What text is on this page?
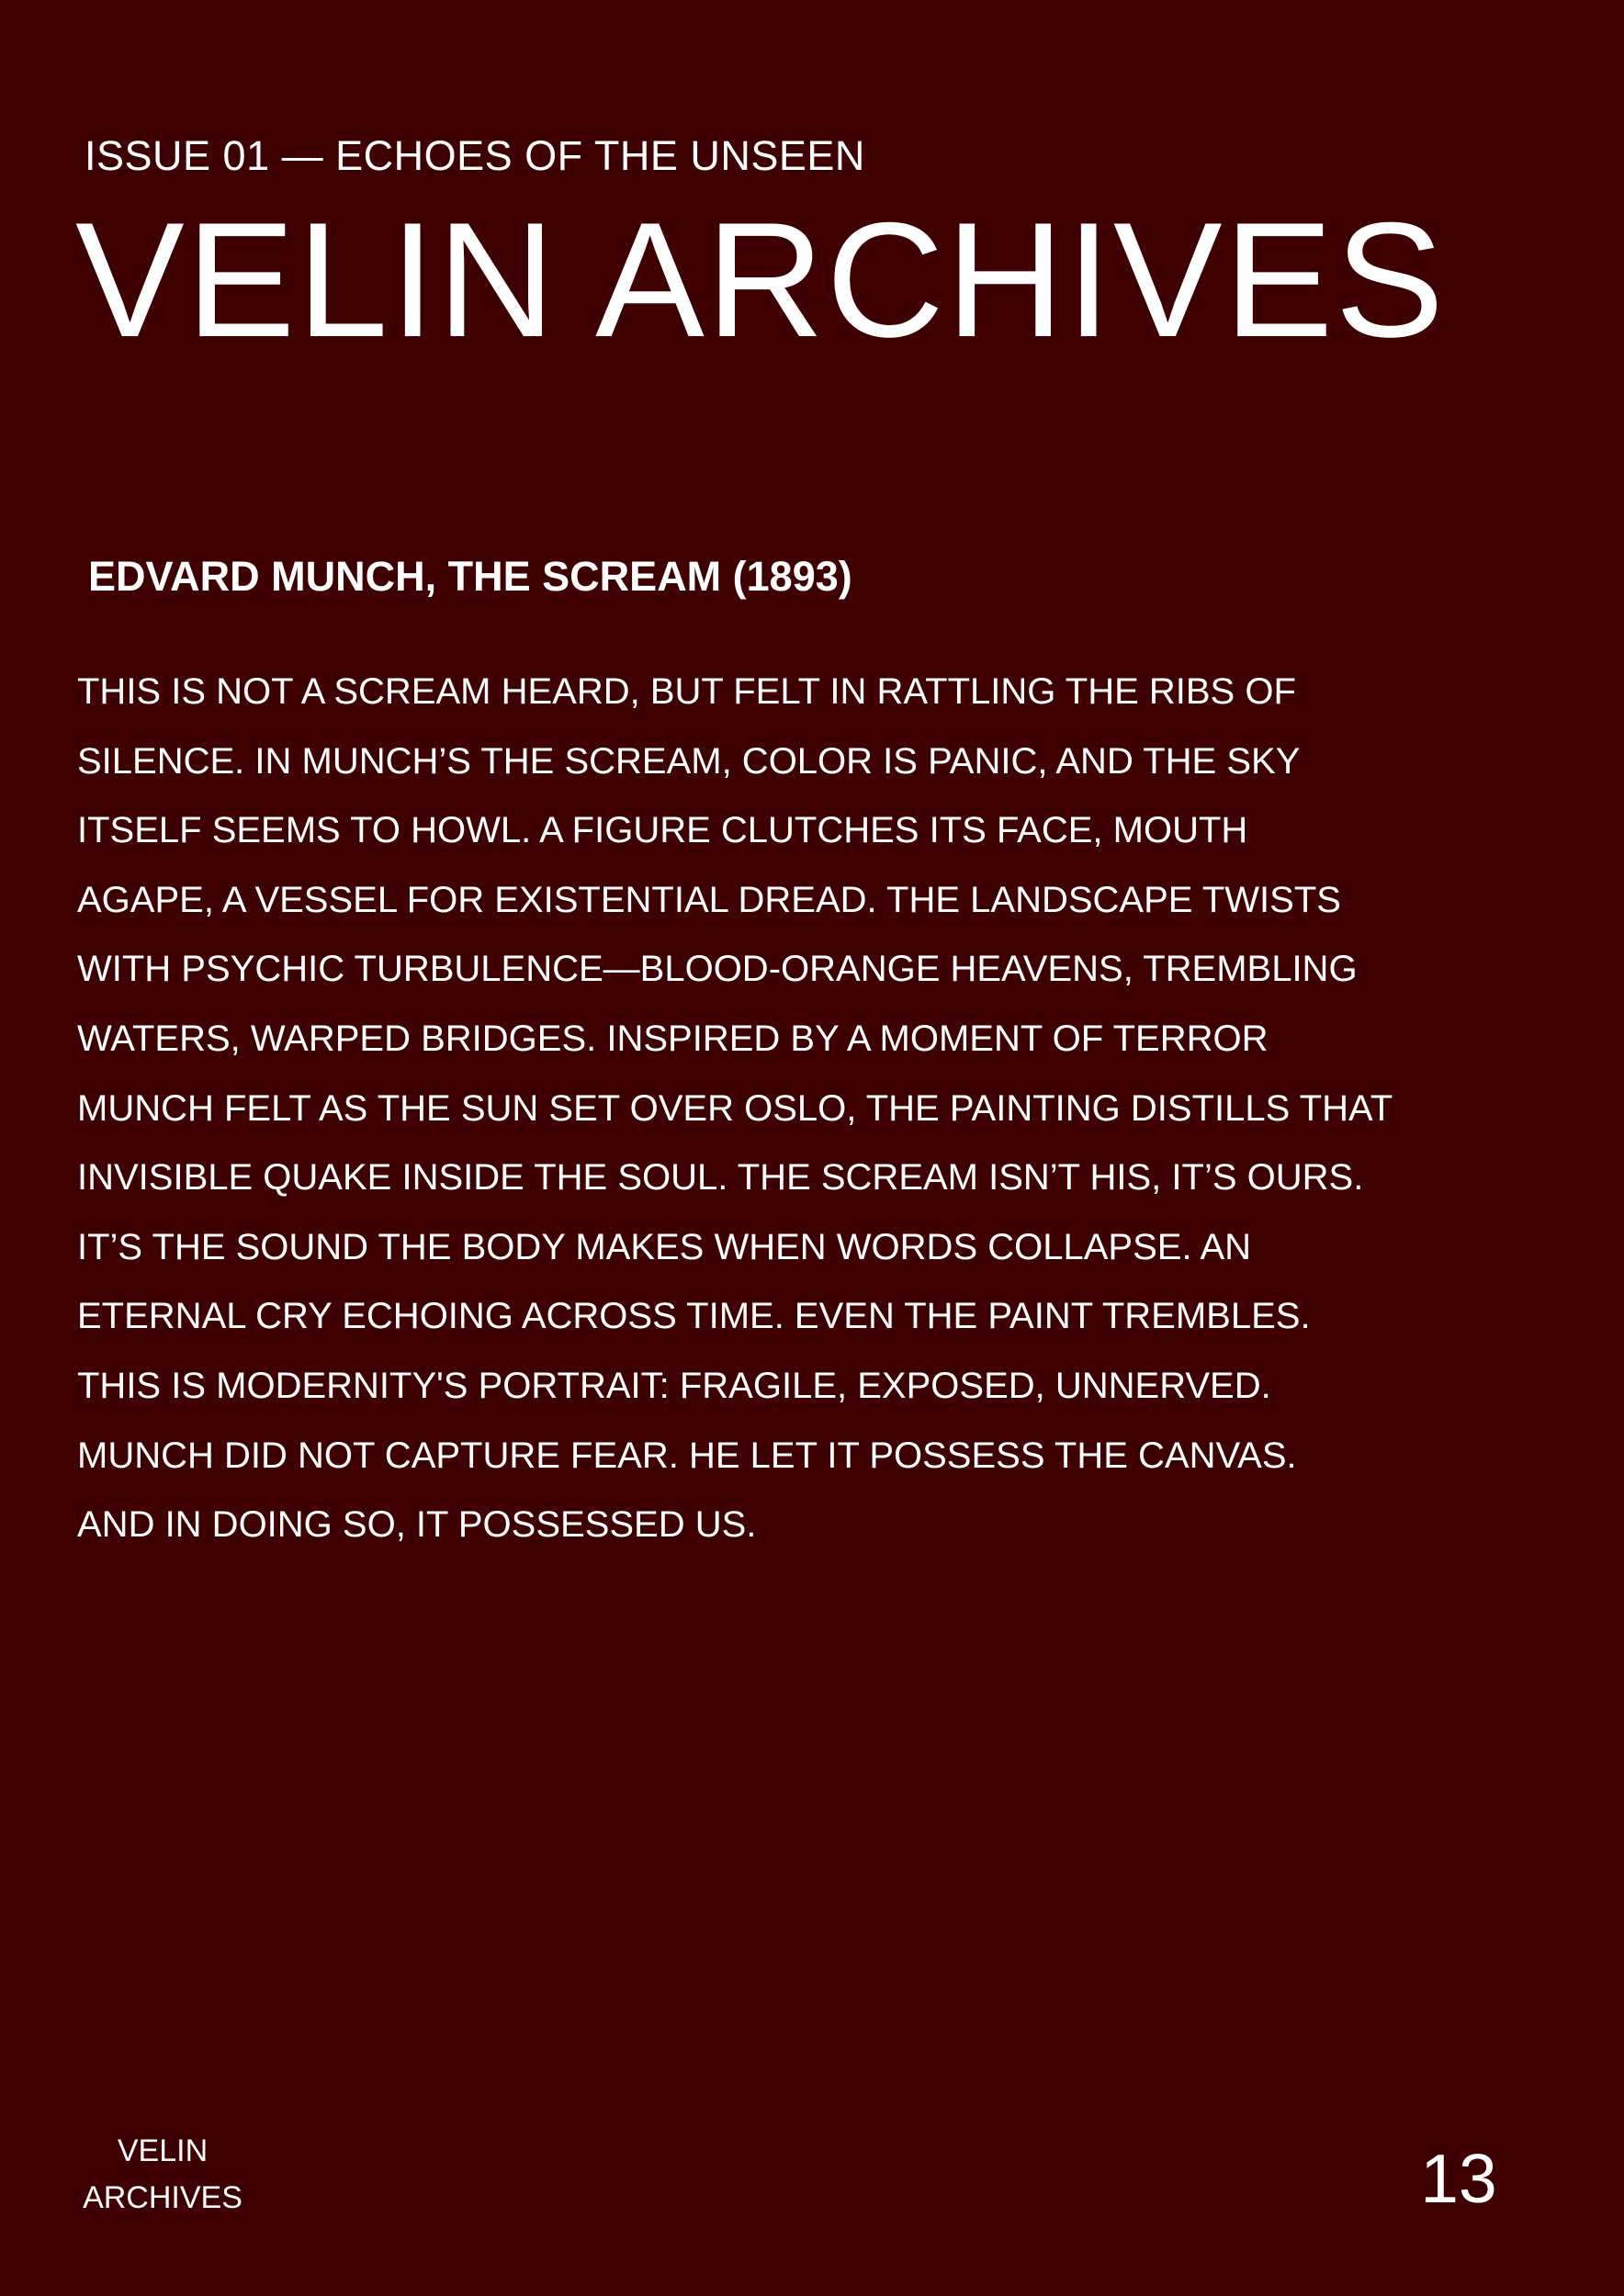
ISSUE 01 — ECHOES OF THE UNSEEN
VELIN ARCHIVES
EDVARD MUNCH, THE SCREAM (1893)
THIS IS NOT A SCREAM HEARD, BUT FELT IN RATTLING THE RIBS OF
SILENCE. IN MUNCH’S THE SCREAM, COLOR IS PANIC, AND THE SKY
ITSELF SEEMS TO HOWL. A FIGURE CLUTCHES ITS FACE, MOUTH
AGAPE, A VESSEL FOR EXISTENTIAL DREAD. THE LANDSCAPE TWISTS
WITH PSYCHIC TURBULENCE—BLOOD-ORANGE HEAVENS, TREMBLING
WATERS, WARPED BRIDGES. INSPIRED BY A MOMENT OF TERROR
MUNCH FELT AS THE SUN SET OVER OSLO, THE PAINTING DISTILLS THAT
INVISIBLE QUAKE INSIDE THE SOUL. THE SCREAM ISN’T HIS, IT’S OURS.
IT’S THE SOUND THE BODY MAKES WHEN WORDS COLLAPSE. AN
ETERNAL CRY ECHOING ACROSS TIME. EVEN THE PAINT TREMBLES.
THIS IS MODERNITY'S PORTRAIT: FRAGILE, EXPOSED, UNNERVED.
MUNCH DID NOT CAPTURE FEAR. HE LET IT POSSESS THE CANVAS.
AND IN DOING SO, IT POSSESSED US.
VELIN
ARCHIVES	13
